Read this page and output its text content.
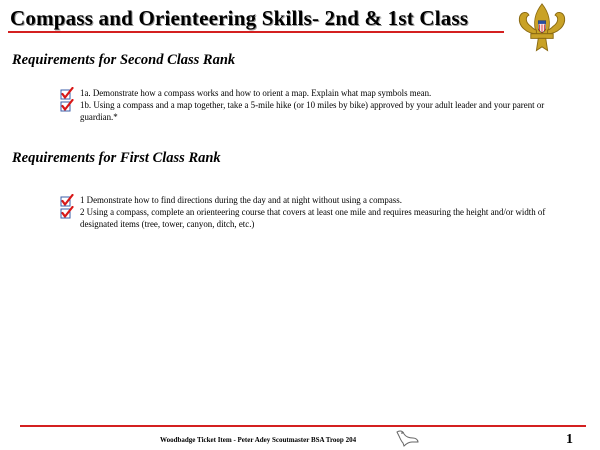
Compass and Orienteering Skills- 2nd & 1st Class
Requirements for Second Class Rank
1a. Demonstrate how a compass works and how to orient a map. Explain what map symbols mean.
1b. Using a compass and a map together, take a 5-mile hike (or 10 miles by bike) approved by your adult leader and your parent or guardian.*
Requirements for First Class Rank
1 Demonstrate how to find directions during the day and at night without using a compass.
2 Using a compass, complete an orienteering course that covers at least one mile and requires measuring the height and/or width of designated items (tree, tower, canyon, ditch, etc.)
Woodbadge Ticket Item - Peter Adey Scoutmaster BSA Troop 204	1
